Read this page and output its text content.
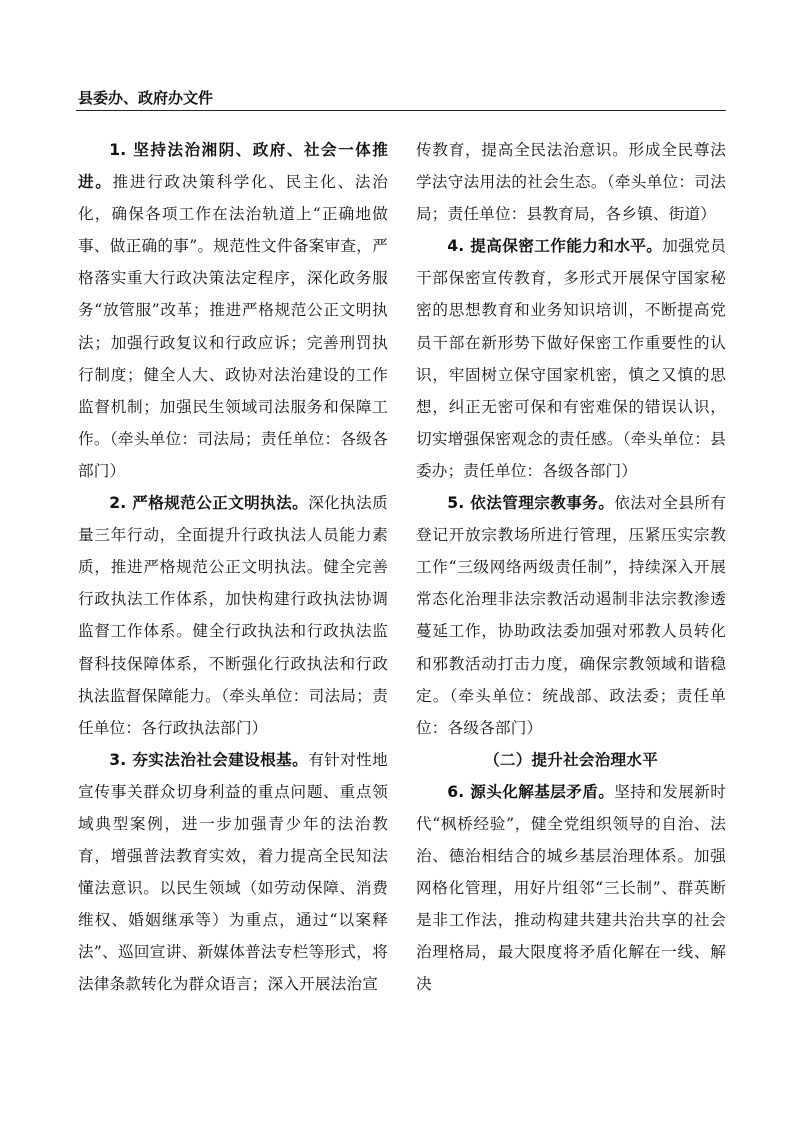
县委办、政府办文件

1. 坚持法治湘阴、政府、社会一体推进。推进行政决策科学化、民主化、法治化，确保各项工作在法治轨道上“正确地做事、做正确的事”。规范性文件备案审查，严格落实重大行政决策法定程序，深化政务服务“放管服”改革；推进严格规范公正文明执法；加强行政复议和行政应诉；完善刑罚执行制度；健全人大、政协对法治建设的工作监督机制；加强民生领域司法服务和保障工作。（牵头单位：司法局；责任单位：各级各部门）

2. 严格规范公正文明执法。深化执法质量三年行动，全面提升行政执法人员能力素质，推进严格规范公正文明执法。健全完善行政执法工作体系，加快构建行政执法协调监督工作体系。健全行政执法和行政执法监督科技保障体系，不断强化行政执法和行政执法监督保障能力。（牵头单位：司法局；责任单位：各行政执法部门）

3. 夯实法治社会建设根基。有针对性地宣传事关群众切身利益的重点问题、重点领域典型案例，进一步加强青少年的法治教育，增强普法教育实效，着力提高全民知法懂法意识。以民生领域（如劳动保障、消费维权、婚姻继承等）为重点，通过“以案释法”、巡回宣讲、新媒体普法专栏等形式，将法律条款转化为群众语言；深入开展法治宣

传教育，提高全民法治意识。形成全民尊法学法守法用法的社会生态。（牵头单位：司法局；责任单位：县教育局，各乡镇、街道）

4. 提高保密工作能力和水平。加强党员干部保密宣传教育，多形式开展保守国家秘密的思想教育和业务知识培训，不断提高党员干部在新形势下做好保密工作重要性的认识，牢固树立保守国家机密，慎之又慎的思想，纠正无密可保和有密难保的错误认识，切实增强保密观念的责任感。（牵头单位：县委办；责任单位：各级各部门）

5. 依法管理宗教事务。依法对全县所有登记开放宗教场所进行管理，压紧压实宗教工作“三级网络两级责任制”，持续深入开展常态化治理非法宗教活动遏制非法宗教渗透蔓延工作，协助政法委加强对邪教人员转化和邪教活动打击力度，确保宗教领域和谐稳定。（牵头单位：统战部、政法委；责任单位：各级各部门）

（二）提升社会治理水平

6. 源头化解基层矛盾。坚持和发展新时代“枫桥经验”，健全党组织领导的自治、法治、德治相结合的城乡基层治理体系。加强网格化管理，用好片组邻“三长制”、群英断是非工作法，推动构建共建共治共享的社会治理格局，最大限度将矛盾化解在一线、解决
